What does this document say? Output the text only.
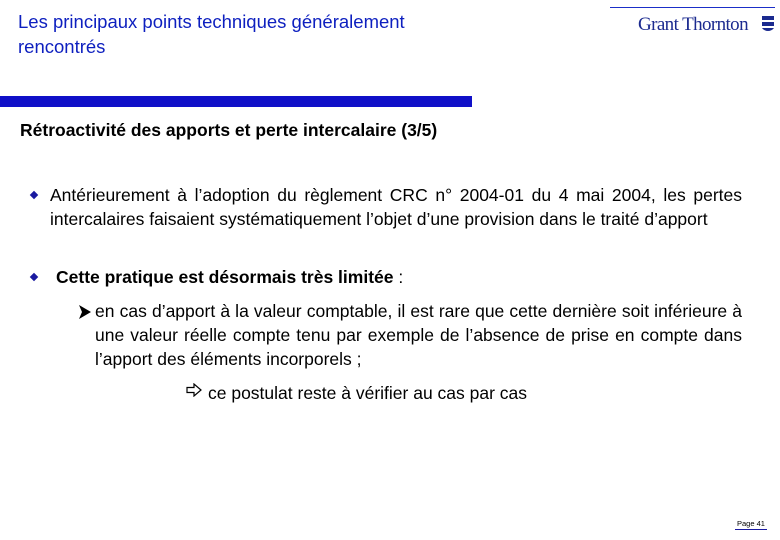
Les principaux points techniques généralement rencontrés
Grant Thornton
Rétroactivité des apports et perte intercalaire (3/5)
Antérieurement à l’adoption du règlement CRC n° 2004-01 du 4 mai 2004, les pertes intercalaires faisaient systématiquement l’objet d’une provision dans le traité d’apport
Cette pratique est désormais très limitée :
en cas d’apport à la valeur comptable, il est rare que cette dernière soit inférieure à une valeur réelle compte tenu par exemple de l’absence de prise en compte dans l’apport des éléments incorporels ;
ce postulat reste à vérifier au cas par cas
Page 41
